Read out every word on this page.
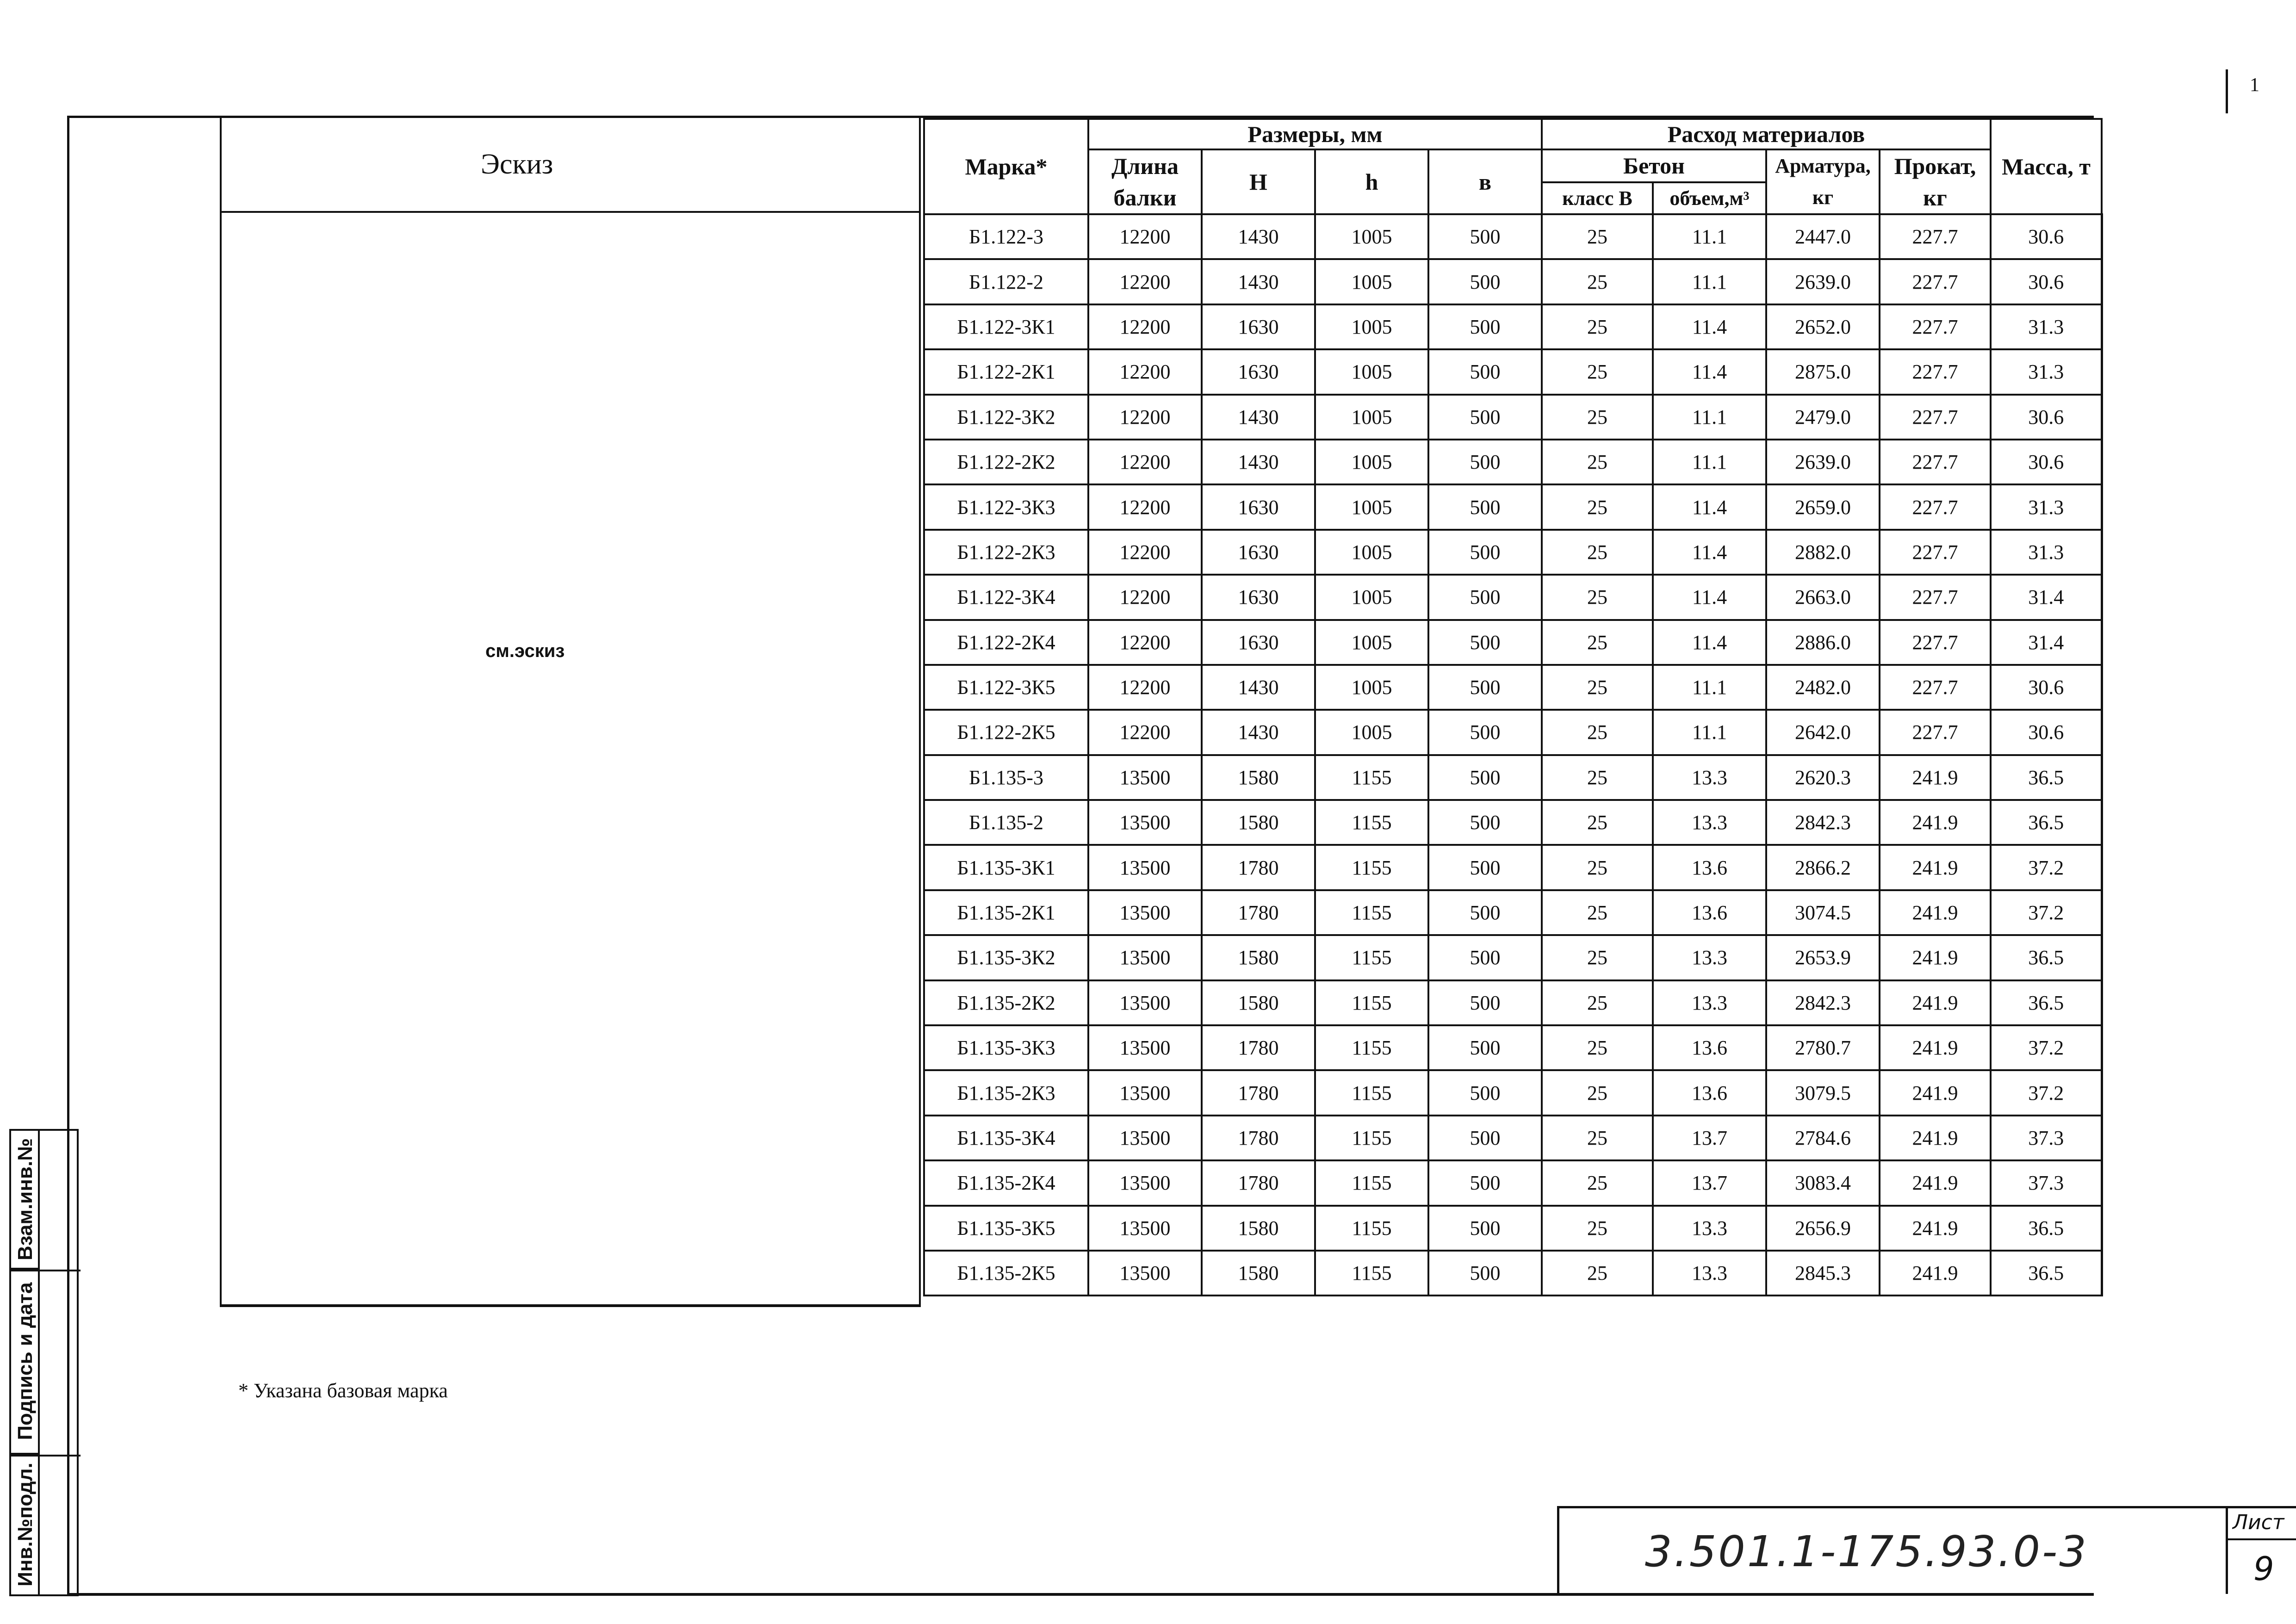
1
Взам.инв.№
Подпись и дата
Инв.№подл.
Эскиз
см.эскиз
Марка*	Размеры, мм				Расход материалов				Масса, т
	Длина балки	Н	h	в	Бетон		Арматура, кг	Прокат, кг	
					класс В	объем,м³			
Б1.122-3	12200	1430	1005	500	25	11.1	2447.0	227.7	30.6
Б1.122-2	12200	1430	1005	500	25	11.1	2639.0	227.7	30.6
Б1.122-3К1	12200	1630	1005	500	25	11.4	2652.0	227.7	31.3
Б1.122-2К1	12200	1630	1005	500	25	11.4	2875.0	227.7	31.3
Б1.122-3К2	12200	1430	1005	500	25	11.1	2479.0	227.7	30.6
Б1.122-2К2	12200	1430	1005	500	25	11.1	2639.0	227.7	30.6
Б1.122-3К3	12200	1630	1005	500	25	11.4	2659.0	227.7	31.3
Б1.122-2К3	12200	1630	1005	500	25	11.4	2882.0	227.7	31.3
Б1.122-3К4	12200	1630	1005	500	25	11.4	2663.0	227.7	31.4
Б1.122-2К4	12200	1630	1005	500	25	11.4	2886.0	227.7	31.4
Б1.122-3К5	12200	1430	1005	500	25	11.1	2482.0	227.7	30.6
Б1.122-2К5	12200	1430	1005	500	25	11.1	2642.0	227.7	30.6
Б1.135-3	13500	1580	1155	500	25	13.3	2620.3	241.9	36.5
Б1.135-2	13500	1580	1155	500	25	13.3	2842.3	241.9	36.5
Б1.135-3К1	13500	1780	1155	500	25	13.6	2866.2	241.9	37.2
Б1.135-2К1	13500	1780	1155	500	25	13.6	3074.5	241.9	37.2
Б1.135-3К2	13500	1580	1155	500	25	13.3	2653.9	241.9	36.5
Б1.135-2К2	13500	1580	1155	500	25	13.3	2842.3	241.9	36.5
Б1.135-3К3	13500	1780	1155	500	25	13.6	2780.7	241.9	37.2
Б1.135-2К3	13500	1780	1155	500	25	13.6	3079.5	241.9	37.2
Б1.135-3К4	13500	1780	1155	500	25	13.7	2784.6	241.9	37.3
Б1.135-2К4	13500	1780	1155	500	25	13.7	3083.4	241.9	37.3
Б1.135-3К5	13500	1580	1155	500	25	13.3	2656.9	241.9	36.5
Б1.135-2К5	13500	1580	1155	500	25	13.3	2845.3	241.9	36.5
* Указана базовая марка
3.501.1-175.93.0-3
Лист
9
